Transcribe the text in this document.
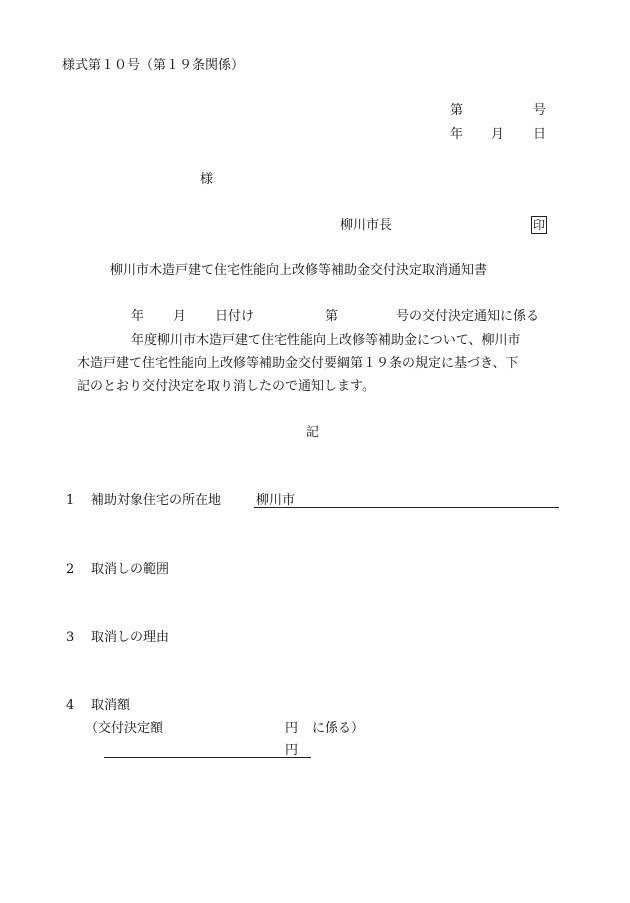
様式第１０号（第１９条関係）
第	号
年 月 日
様
柳川市長	印
柳川市木造戸建て住宅性能向上改修等補助金交付決定取消通知書
年 月 日付け	第	号の交付決定通知に係る
年度柳川市木造戸建て住宅性能向上改修等補助金について、柳川市
木造戸建て住宅性能向上改修等補助金交付要綱第１９条の規定に基づき、下
記のとおり交付決定を取り消したので通知します。
記
1 補助対象住宅の所在地	柳川市
2 取消しの範囲
3 取消しの理由
4 取消額
（交付決定額	円 に係る）
円
